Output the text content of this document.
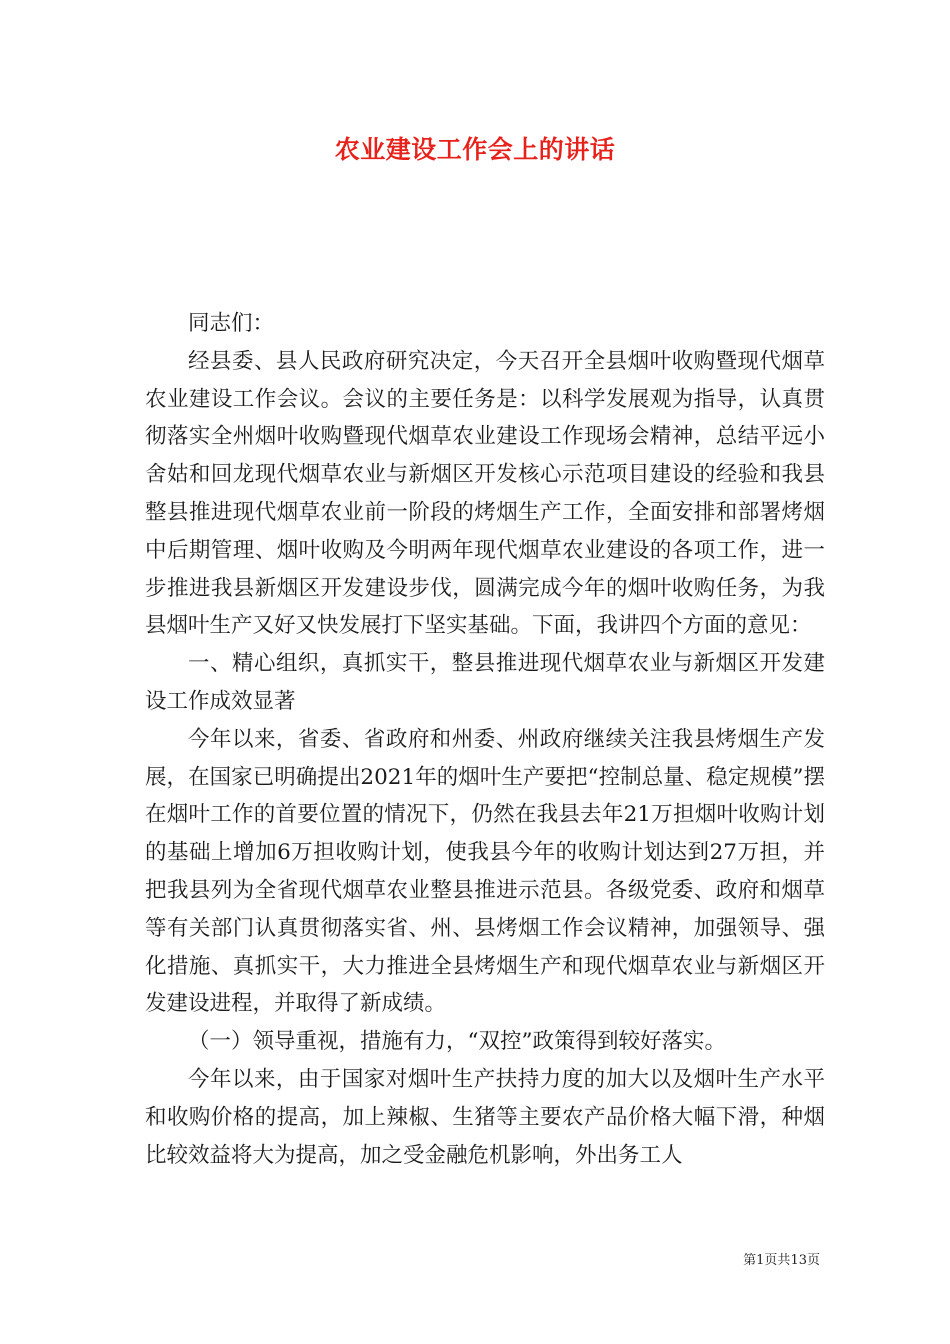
农业建设工作会上的讲话

同志们：

经县委、县人民政府研究决定，今天召开全县烟叶收购暨现代烟草农业建设工作会议。会议的主要任务是：以科学发展观为指导，认真贯彻落实全州烟叶收购暨现代烟草农业建设工作现场会精神，总结平远小舍姑和回龙现代烟草农业与新烟区开发核心示范项目建设的经验和我县整县推进现代烟草农业前一阶段的烤烟生产工作，全面安排和部署烤烟中后期管理、烟叶收购及今明两年现代烟草农业建设的各项工作，进一步推进我县新烟区开发建设步伐，圆满完成今年的烟叶收购任务，为我县烟叶生产又好又快发展打下坚实基础。下面，我讲四个方面的意见：

一、精心组织，真抓实干，整县推进现代烟草农业与新烟区开发建设工作成效显著

今年以来，省委、省政府和州委、州政府继续关注我县烤烟生产发展，在国家已明确提出2021年的烟叶生产要把“控制总量、稳定规模”摆在烟叶工作的首要位置的情况下，仍然在我县去年21万担烟叶收购计划的基础上增加6万担收购计划，使我县今年的收购计划达到27万担，并把我县列为全省现代烟草农业整县推进示范县。各级党委、政府和烟草等有关部门认真贯彻落实省、州、县烤烟工作会议精神，加强领导、强化措施、真抓实干，大力推进全县烤烟生产和现代烟草农业与新烟区开发建设进程，并取得了新成绩。

（一）领导重视，措施有力，“双控”政策得到较好落实。

今年以来，由于国家对烟叶生产扶持力度的加大以及烟叶生产水平和收购价格的提高，加上辣椒、生猪等主要农产品价格大幅下滑，种烟比较效益将大为提高，加之受金融危机影响，外出务工人

第1页共13页
